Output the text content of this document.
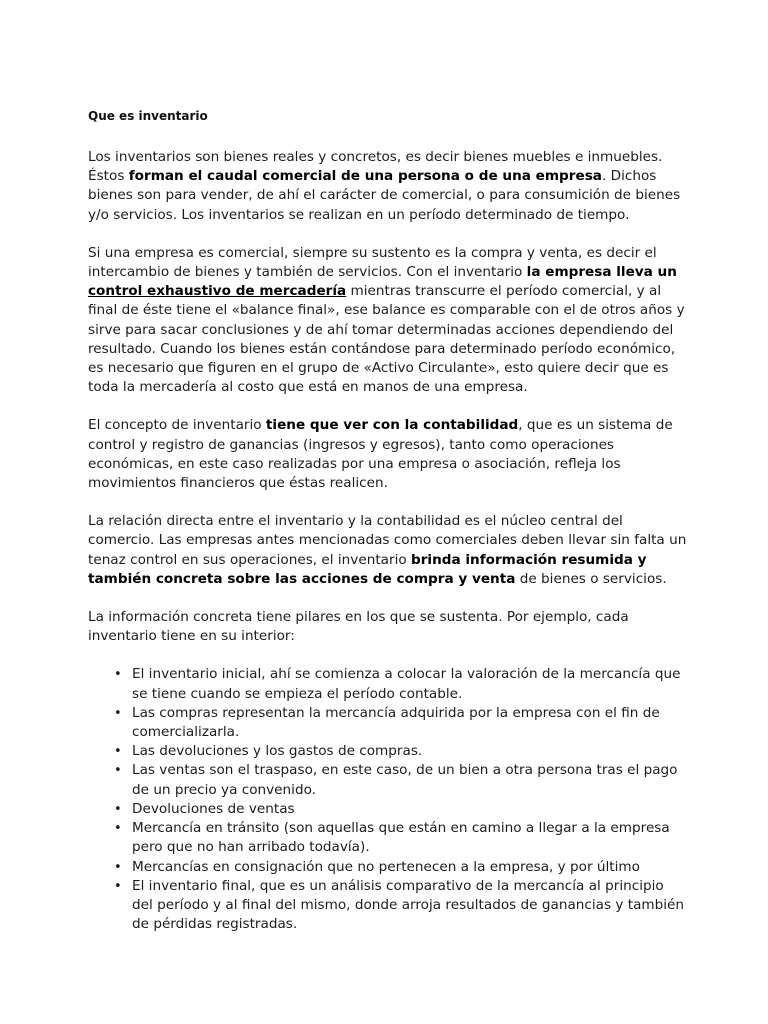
Que es inventario

Los inventarios son bienes reales y concretos, es decir bienes muebles e inmuebles. Éstos forman el caudal comercial de una persona o de una empresa. Dichos bienes son para vender, de ahí el carácter de comercial, o para consumición de bienes y/o servicios. Los inventarios se realizan en un período determinado de tiempo.

Si una empresa es comercial, siempre su sustento es la compra y venta, es decir el intercambio de bienes y también de servicios. Con el inventario la empresa lleva un control exhaustivo de mercadería mientras transcurre el período comercial, y al final de éste tiene el «balance final», ese balance es comparable con el de otros años y sirve para sacar conclusiones y de ahí tomar determinadas acciones dependiendo del resultado. Cuando los bienes están contándose para determinado período económico, es necesario que figuren en el grupo de «Activo Circulante», esto quiere decir que es toda la mercadería al costo que está en manos de una empresa.

El concepto de inventario tiene que ver con la contabilidad, que es un sistema de control y registro de ganancias (ingresos y egresos), tanto como operaciones económicas, en este caso realizadas por una empresa o asociación, refleja los movimientos financieros que éstas realicen.

La relación directa entre el inventario y la contabilidad es el núcleo central del comercio. Las empresas antes mencionadas como comerciales deben llevar sin falta un tenaz control en sus operaciones, el inventario brinda información resumida y también concreta sobre las acciones de compra y venta de bienes o servicios.

La información concreta tiene pilares en los que se sustenta. Por ejemplo, cada inventario tiene en su interior:

• El inventario inicial, ahí se comienza a colocar la valoración de la mercancía que se tiene cuando se empieza el período contable.
• Las compras representan la mercancía adquirida por la empresa con el fin de comercializarla.
• Las devoluciones y los gastos de compras.
• Las ventas son el traspaso, en este caso, de un bien a otra persona tras el pago de un precio ya convenido.
• Devoluciones de ventas
• Mercancía en tránsito (son aquellas que están en camino a llegar a la empresa pero que no han arribado todavía).
• Mercancías en consignación que no pertenecen a la empresa, y por último
• El inventario final, que es un análisis comparativo de la mercancía al principio del período y al final del mismo, donde arroja resultados de ganancias y también de pérdidas registradas.
